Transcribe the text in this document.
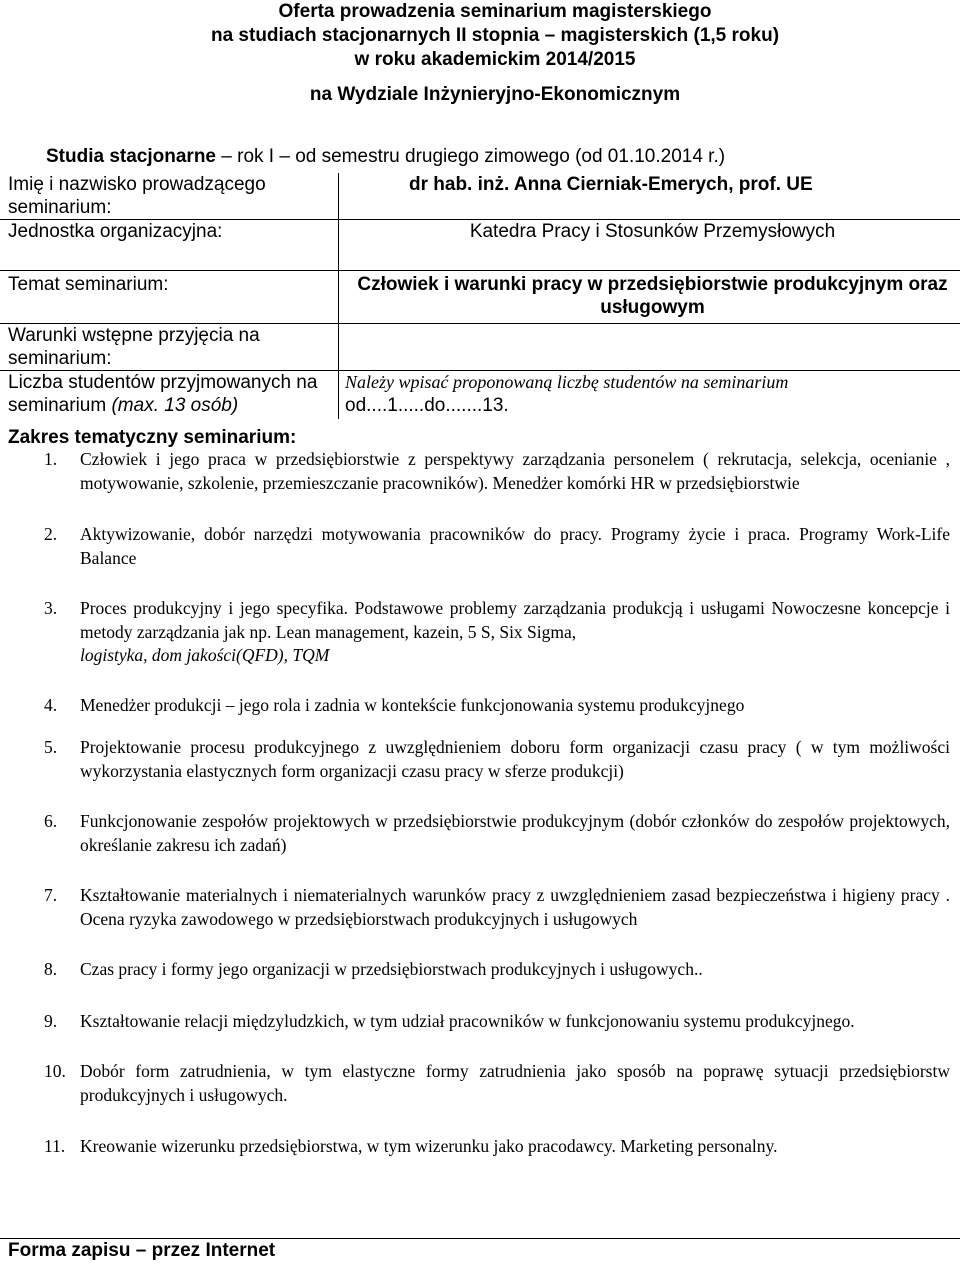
Oferta prowadzenia seminarium magisterskiego
na studiach stacjonarnych II stopnia – magisterskich (1,5 roku)
w roku akademickim 2014/2015
na Wydziale Inżynieryjno-Ekonomicznym
Studia stacjonarne – rok I – od semestru drugiego zimowego (od 01.10.2014 r.)
Imię i nazwisko prowadzącego seminarium:	dr hab. inż. Anna Cierniak-Emerych, prof. UE
Jednostka organizacyjna:	Katedra Pracy i Stosunków Przemysłowych
Temat seminarium:	Człowiek i warunki pracy w przedsiębiorstwie produkcyjnym oraz usługowym
Warunki wstępne przyjęcia na seminarium:	
Liczba studentów przyjmowanych na seminarium (max. 13 osób)	Należy wpisać proponowaną liczbę studentów na seminarium
od....1.....do.......13.
Zakres tematyczny seminarium:
1. Człowiek i jego praca w przedsiębiorstwie z perspektywy zarządzania personelem ( rekrutacja, selekcja, ocenianie , motywowanie, szkolenie, przemieszczanie pracowników). Menedżer komórki HR w przedsiębiorstwie
2. Aktywizowanie, dobór narzędzi motywowania pracowników do pracy. Programy życie i praca. Programy Work-Life Balance
3. Proces produkcyjny i jego specyfika. Podstawowe problemy zarządzania produkcją i usługami Nowoczesne koncepcje i metody zarządzania jak np. Lean management, kazein, 5 S, Six Sigma,
logistyka, dom jakości(QFD), TQM
4. Menedżer produkcji – jego rola i zadnia w kontekście funkcjonowania systemu produkcyjnego
5. Projektowanie procesu produkcyjnego z uwzględnieniem doboru form organizacji czasu pracy ( w tym możliwości wykorzystania elastycznych form organizacji czasu pracy w sferze produkcji)
6. Funkcjonowanie zespołów projektowych w przedsiębiorstwie produkcyjnym (dobór członków do zespołów projektowych, określanie zakresu ich zadań)
7. Kształtowanie materialnych i niematerialnych warunków pracy z uwzględnieniem zasad bezpieczeństwa i higieny pracy . Ocena ryzyka zawodowego w przedsiębiorstwach produkcyjnych i usługowych
8. Czas pracy i formy jego organizacji w przedsiębiorstwach produkcyjnych i usługowych..
9. Kształtowanie relacji międzyludzkich, w tym udział pracowników w funkcjonowaniu systemu produkcyjnego.
10. Dobór form zatrudnienia, w tym elastyczne formy zatrudnienia jako sposób na poprawę sytuacji przedsiębiorstw produkcyjnych i usługowych.
11. Kreowanie wizerunku przedsiębiorstwa, w tym wizerunku jako pracodawcy. Marketing personalny.
Forma zapisu – przez Internet
